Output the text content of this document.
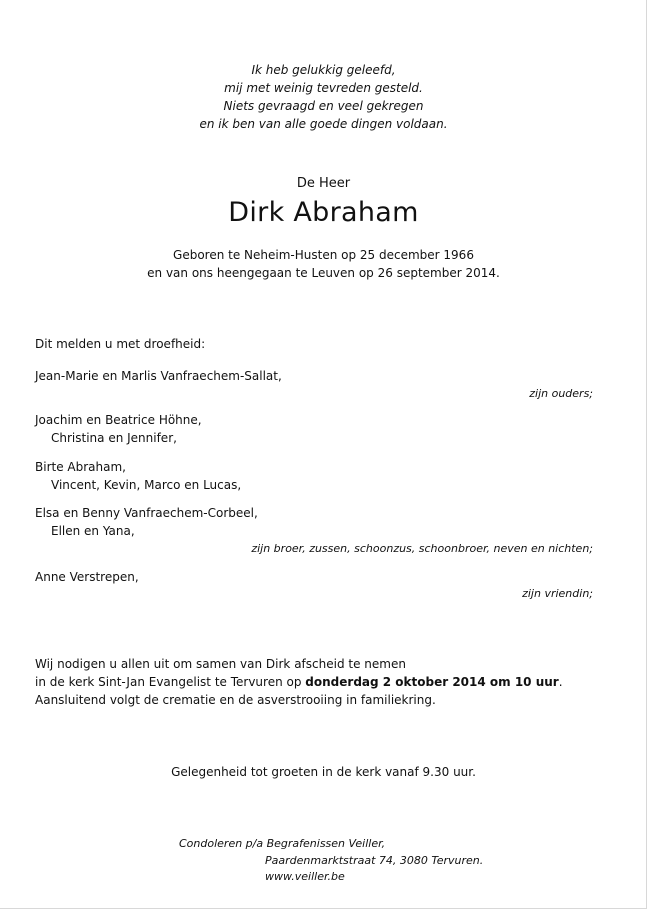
Ik heb gelukkig geleefd,
mij met weinig tevreden gesteld.
Niets gevraagd en veel gekregen
en ik ben van alle goede dingen voldaan.
De Heer
Dirk Abraham
Geboren te Neheim-Husten op 25 december 1966
en van ons heengegaan te Leuven op 26 september 2014.
Dit melden u met droefheid:
Jean-Marie en Marlis Vanfraechem-Sallat,
zijn ouders;
Joachim en Beatrice Höhne,
Christina en Jennifer,
Birte Abraham,
Vincent, Kevin, Marco en Lucas,
Elsa en Benny Vanfraechem-Corbeel,
Ellen en Yana,
zijn broer, zussen, schoonzus, schoonbroer, neven en nichten;
Anne Verstrepen,
zijn vriendin;
Wij nodigen u allen uit om samen van Dirk afscheid te nemen
in de kerk Sint-Jan Evangelist te Tervuren op donderdag 2 oktober 2014 om 10 uur.
Aansluitend volgt de crematie en de asverstrooiing in familiekring.
Gelegenheid tot groeten in de kerk vanaf 9.30 uur.
Condoleren p/a Begrafenissen Veiller,
Paardenmarktstraat 74, 3080 Tervuren.
www.veiller.be
